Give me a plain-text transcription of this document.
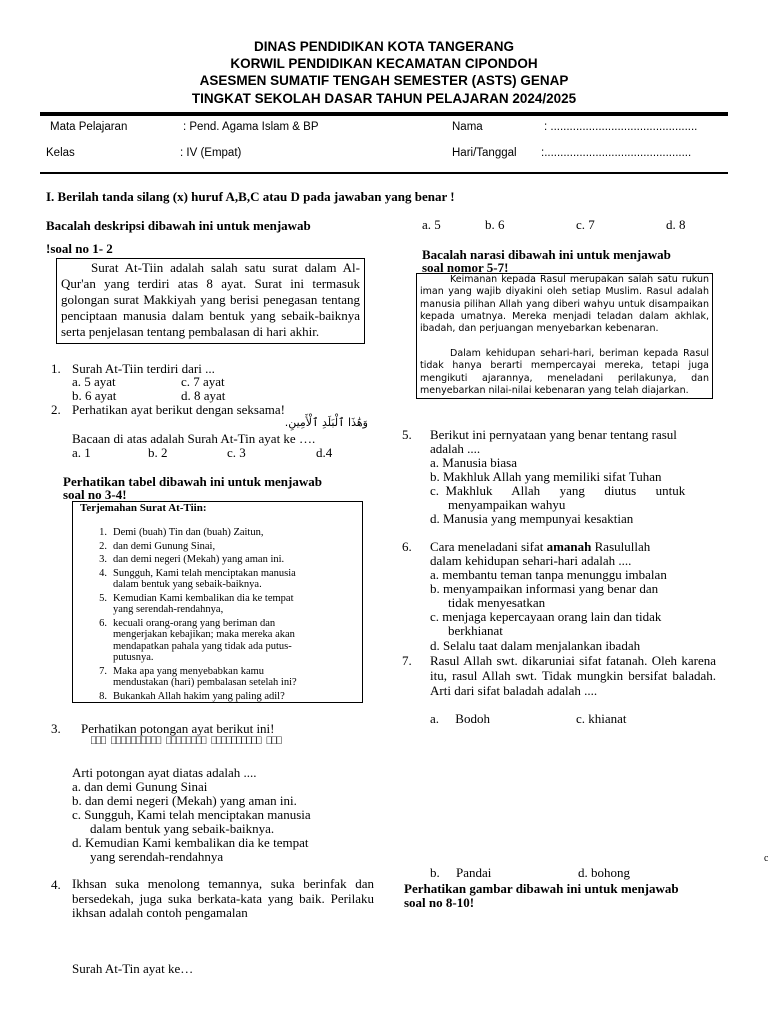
DINAS PENDIDIKAN KOTA TANGERANG
KORWIL PENDIDIKAN KECAMATAN CIPONDOH
ASESMEN SUMATIF TENGAH SEMESTER (ASTS) GENAP
TINGKAT SEKOLAH DASAR TAHUN PELAJARAN 2024/2025
Mata Pelajaran	: Pend. Agama Islam & BP	Nama	: ..............................................
Kelas	: IV (Empat)	Hari/Tanggal :..............................................
I. Berilah tanda silang (x) huruf A,B,C atau D pada jawaban yang benar !
Bacalah deskripsi dibawah ini untuk menjawab
!soal no 1- 2
Surat At-Tiin adalah salah satu surat dalam Al-Qur'an yang terdiri atas 8 ayat. Surat ini termasuk golongan surat Makkiyah yang berisi penegasan tentang penciptaan manusia dalam bentuk yang sebaik-baiknya serta penjelasan tentang pembalasan di hari akhir.
1. Surah At-Tiin terdiri dari ...
a. 5 ayat	c. 7 ayat
b. 6 ayat	d. 8 ayat
2. Perhatikan ayat berikut dengan seksama!
وَهَٰذَا ٱلْبَلَدِ ٱلْأَمِينِ.
Bacaan di atas adalah Surah At-Tin ayat ke ….
a. 1	b. 2	c. 3	d.4
Perhatikan tabel dibawah ini untuk menjawab
soal no 3-4!
Terjemahan Surat At-Tiin:
1. Demi (buah) Tin dan (buah) Zaitun,
2. dan demi Gunung Sinai,
3. dan demi negeri (Mekah) yang aman ini.
4. Sungguh, Kami telah menciptakan manusia
dalam bentuk yang sebaik-baiknya.
5. Kemudian Kami kembalikan dia ke tempat
yang serendah-rendahnya,
6. kecuali orang-orang yang beriman dan
mengerjakan kebajikan; maka mereka akan
mendapatkan pahala yang tidak ada putus-
putusnya.
7. Maka apa yang menyebabkan kamu
mendustakan (hari) pembalasan setelah ini?
8. Bukankah Allah hakim yang paling adil?
3. Perhatikan potongan ayat berikut ini!
⎕⎕⎕ ⎕⎕⎕⎕⎕⎕⎕⎕⎕⎕ ⎕⎕⎕⎕⎕⎕⎕⎕ ⎕⎕⎕⎕⎕⎕⎕⎕⎕⎕ ⎕⎕⎕
Arti potongan ayat diatas adalah ....
a. dan demi Gunung Sinai
b. dan demi negeri (Mekah) yang aman ini.
c. Sungguh, Kami telah menciptakan manusia
dalam bentuk yang sebaik-baiknya.
d. Kemudian Kami kembalikan dia ke tempat
yang serendah-rendahnya
4. Ikhsan suka menolong temannya, suka berinfak dan bersedekah, juga suka berkata-kata yang baik. Perilaku ikhsan adalah contoh pengamalan
Surah At-Tin ayat ke…
a. 5	b. 6	c. 7	d. 8
Bacalah narasi dibawah ini untuk menjawab
soal nomor 5-7!
Keimanan kepada Rasul merupakan salah satu rukun iman yang wajib diyakini oleh setiap Muslim. Rasul adalah manusia pilihan Allah yang diberi wahyu untuk disampaikan kepada umatnya. Mereka menjadi teladan dalam akhlak, ibadah, dan perjuangan menyebarkan kebenaran.
Dalam kehidupan sehari-hari, beriman kepada Rasul tidak hanya berarti mempercayai mereka, tetapi juga mengikuti ajarannya, meneladani perilakunya, dan menyebarkan nilai-nilai kebenaran yang telah diajarkan.
5. Berikut ini pernyataan yang benar tentang rasul
adalah ....
a. Manusia biasa
b. Makhluk Allah yang memiliki sifat Tuhan
c.  Makhluk      Allah      yang      diutus      untuk
menyampaikan wahyu
d. Manusia yang mempunyai kesaktian
6. Cara meneladani sifat amanah Rasulullah
dalam kehidupan sehari-hari adalah ....
a. membantu teman tanpa menunggu imbalan
b. menyampaikan informasi yang benar dan
tidak menyesatkan
c. menjaga kepercayaan orang lain dan tidak
berkhianat
d. Selalu taat dalam menjalankan ibadah
7. Rasul Allah swt. dikaruniai sifat fatanah. Oleh karena itu, rasul Allah swt. Tidak mungkin bersifat baladah. Arti dari sifat baladah adalah ....
a.     Bodoh	c. khianat
b.     Pandai	d. bohong
Perhatikan gambar dibawah ini untuk menjawab
soal no 8-10!
c
